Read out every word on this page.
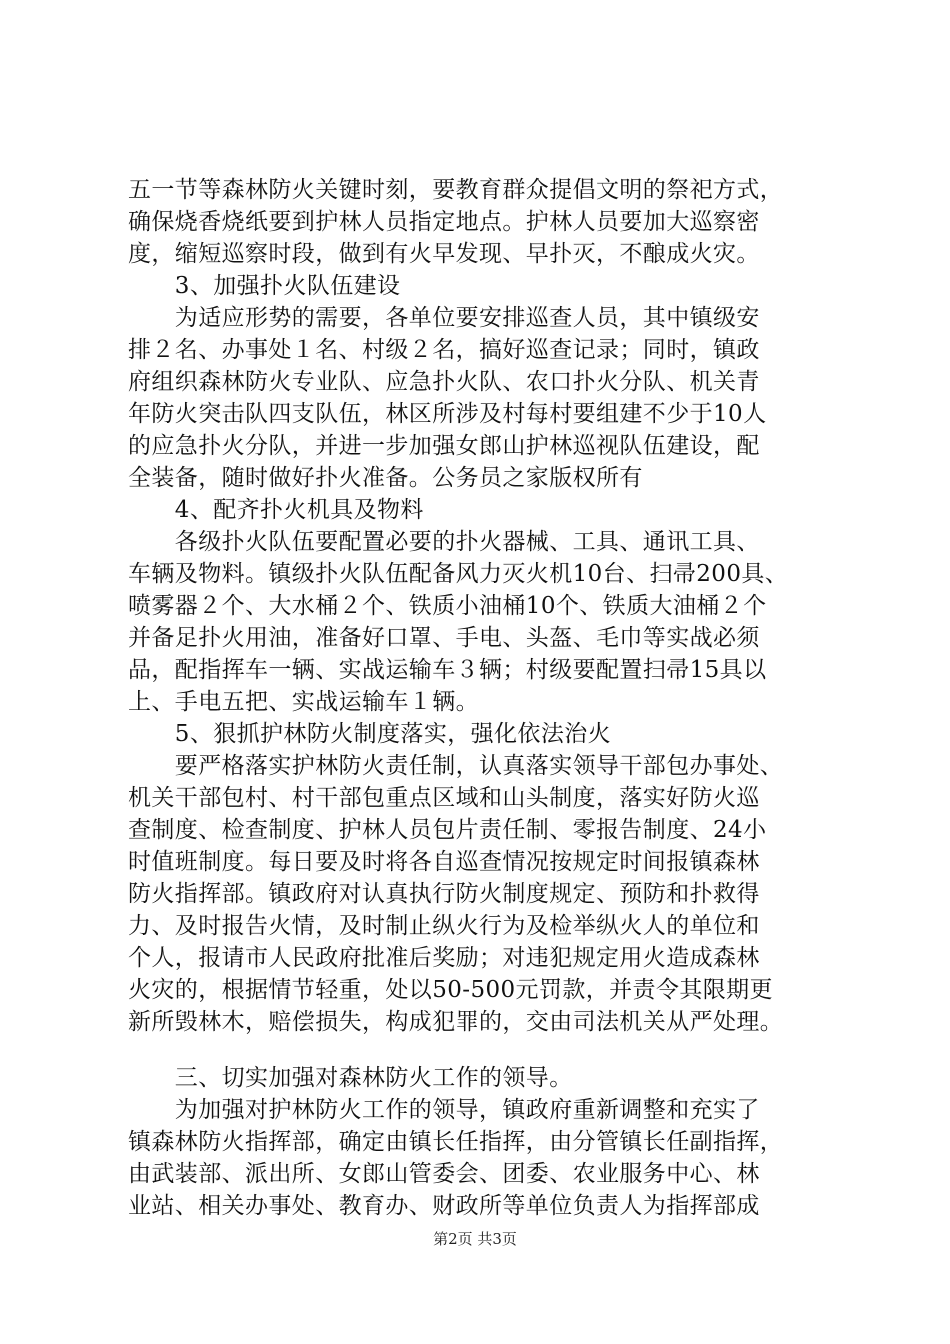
五一节等森林防火关键时刻，要教育群众提倡文明的祭祀方式，
确保烧香烧纸要到护林人员指定地点。护林人员要加大巡察密
度，缩短巡察时段，做到有火早发现、早扑灭，不酿成火灾。
　　3、加强扑火队伍建设
　　为适应形势的需要，各单位要安排巡查人员，其中镇级安
排２名、办事处１名、村级２名，搞好巡查记录；同时，镇政
府组织森林防火专业队、应急扑火队、农口扑火分队、机关青
年防火突击队四支队伍，林区所涉及村每村要组建不少于10人
的应急扑火分队，并进一步加强女郎山护林巡视队伍建设，配
全装备，随时做好扑火准备。公务员之家版权所有
　　4、配齐扑火机具及物料
　　各级扑火队伍要配置必要的扑火器械、工具、通讯工具、
车辆及物料。镇级扑火队伍配备风力灭火机10台、扫帚200具、
喷雾器２个、大水桶２个、铁质小油桶10个、铁质大油桶２个
并备足扑火用油，准备好口罩、手电、头盔、毛巾等实战必须
品，配指挥车一辆、实战运输车３辆；村级要配置扫帚15具以
上、手电五把、实战运输车１辆。
　　5、狠抓护林防火制度落实，强化依法治火
　　要严格落实护林防火责任制，认真落实领导干部包办事处、
机关干部包村、村干部包重点区域和山头制度，落实好防火巡
查制度、检查制度、护林人员包片责任制、零报告制度、24小
时值班制度。每日要及时将各自巡查情况按规定时间报镇森林
防火指挥部。镇政府对认真执行防火制度规定、预防和扑救得
力、及时报告火情，及时制止纵火行为及检举纵火人的单位和
个人，报请市人民政府批准后奖励；对违犯规定用火造成森林
火灾的，根据情节轻重，处以50-500元罚款，并责令其限期更
新所毁林木，赔偿损失，构成犯罪的，交由司法机关从严处理。
　　三、切实加强对森林防火工作的领导。
　　为加强对护林防火工作的领导，镇政府重新调整和充实了
镇森林防火指挥部，确定由镇长任指挥，由分管镇长任副指挥，
由武装部、派出所、女郎山管委会、团委、农业服务中心、林
业站、相关办事处、教育办、财政所等单位负责人为指挥部成
第2页 共3页
